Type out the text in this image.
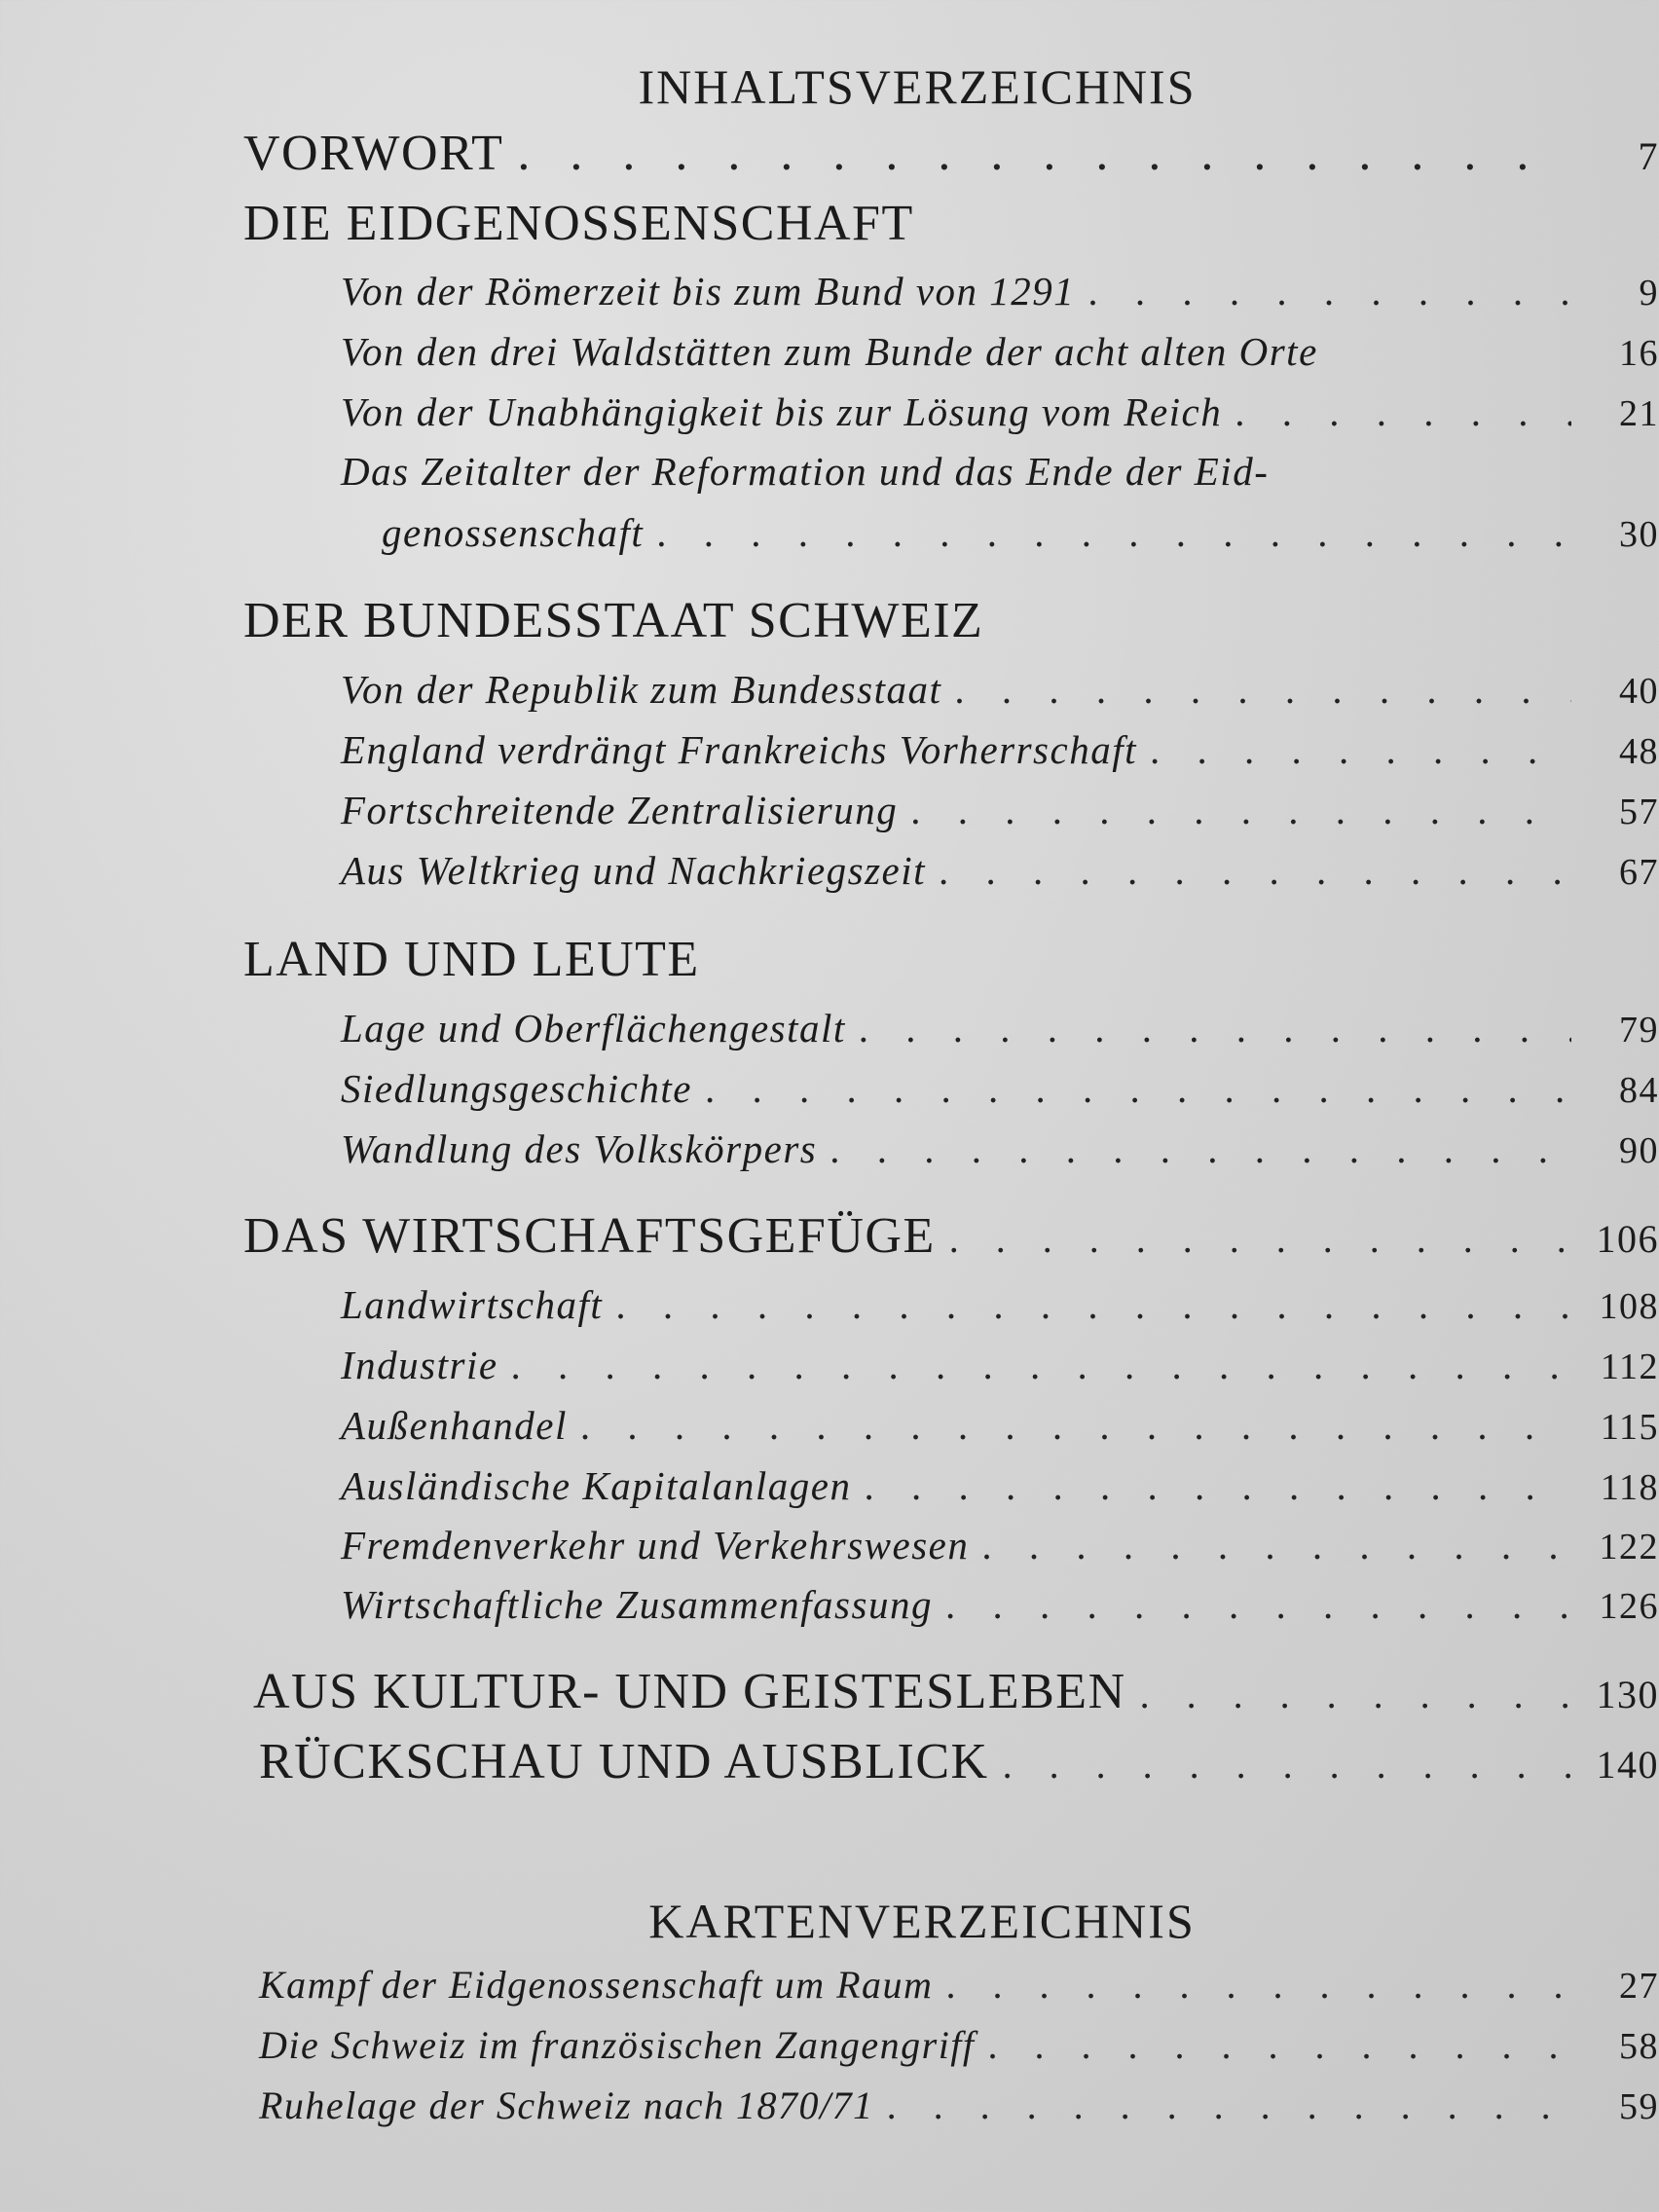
INHALTSVERZEICHNIS
VORWORT . . .	7
DIE EIDGENOSSENSCHAFT
Von der Römerzeit bis zum Bund von 1291 . . .	9
Von den drei Waldstätten zum Bunde der acht alten Orte	16
Von der Unabhängigkeit bis zur Lösung vom Reich . . .	21
Das Zeitalter der Reformation und das Ende der Eid-
genossenschaft . . .	30
DER BUNDESSTAAT SCHWEIZ
Von der Republik zum Bundesstaat . . .	40
England verdrängt Frankreichs Vorherrschaft . . .	48
Fortschreitende Zentralisierung . . .	57
Aus Weltkrieg und Nachkriegszeit . . .	67
LAND UND LEUTE
Lage und Oberflächengestalt . . .	79
Siedlungsgeschichte . . .	84
Wandlung des Volkskörpers . . .	90
DAS WIRTSCHAFTSGEFÜGE . . .	106
Landwirtschaft . . .	108
Industrie . . .	112
Außenhandel . . .	115
Ausländische Kapitalanlagen . . .	118
Fremdenverkehr und Verkehrswesen . . .	122
Wirtschaftliche Zusammenfassung . . .	126
AUS KULTUR- UND GEISTESLEBEN . . .	130
RÜCKSCHAU UND AUSBLICK . . .	140
KARTENVERZEICHNIS
Kampf der Eidgenossenschaft um Raum . . .	27
Die Schweiz im französischen Zangengriff . . .	58
Ruhelage der Schweiz nach 1870/71 . . .	59
